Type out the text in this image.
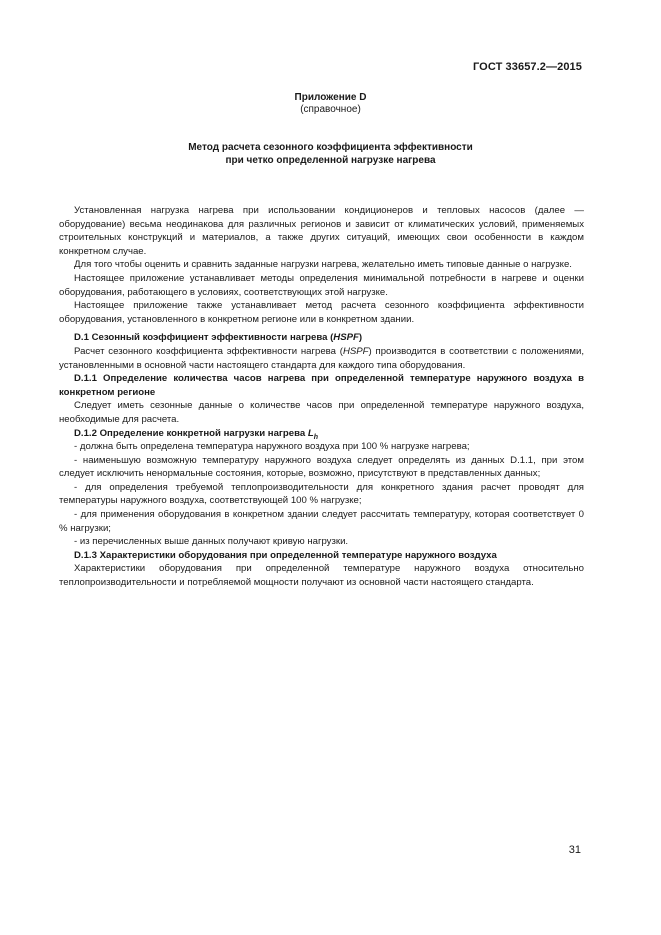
ГОСТ 33657.2—2015
Приложение D
(справочное)
Метод расчета сезонного коэффициента эффективности
при четко определенной нагрузке нагрева

Установленная нагрузка нагрева при использовании кондиционеров и тепловых насосов (далее — оборудование) весьма неодинакова для различных регионов и зависит от климатических условий, применяемых строительных конструкций и материалов, а также других ситуаций, имеющих свои особенности в каждом конкретном случае.

Для того чтобы оценить и сравнить заданные нагрузки нагрева, желательно иметь типовые данные о нагрузке.

Настоящее приложение устанавливает методы определения минимальной потребности в нагреве и оценки оборудования, работающего в условиях, соответствующих этой нагрузке.

Настоящее приложение также устанавливает метод расчета сезонного коэффициента эффективности оборудования, установленного в конкретном регионе или в конкретном здании.

D.1 Сезонный коэффициент эффективности нагрева (HSPF)

Расчет сезонного коэффициента эффективности нагрева (HSPF) производится в соответствии с положениями, установленными в основной части настоящего стандарта для каждого типа оборудования.

D.1.1 Определение количества часов нагрева при определенной температуре наружного воздуха в конкретном регионе

Следует иметь сезонные данные о количестве часов при определенной температуре наружного воздуха, необходимые для расчета.

D.1.2 Определение конкретной нагрузки нагрева $L_h$

- должна быть определена температура наружного воздуха при 100 % нагрузке нагрева;

- наименьшую возможную температуру наружного воздуха следует определять из данных D.1.1, при этом следует исключить ненормальные состояния, которые, возможно, присутствуют в представленных данных;

- для определения требуемой теплопроизводительности для конкретного здания расчет проводят для температуры наружного воздуха, соответствующей 100 % нагрузке;

- для применения оборудования в конкретном здании следует рассчитать температуру, которая соответствует 0 % нагрузки;

- из перечисленных выше данных получают кривую нагрузки.

D.1.3 Характеристики оборудования при определенной температуре наружного воздуха

Характеристики оборудования при определенной температуре наружного воздуха относительно теплопроизводительности и потребляемой мощности получают из основной части настоящего стандарта.

31
